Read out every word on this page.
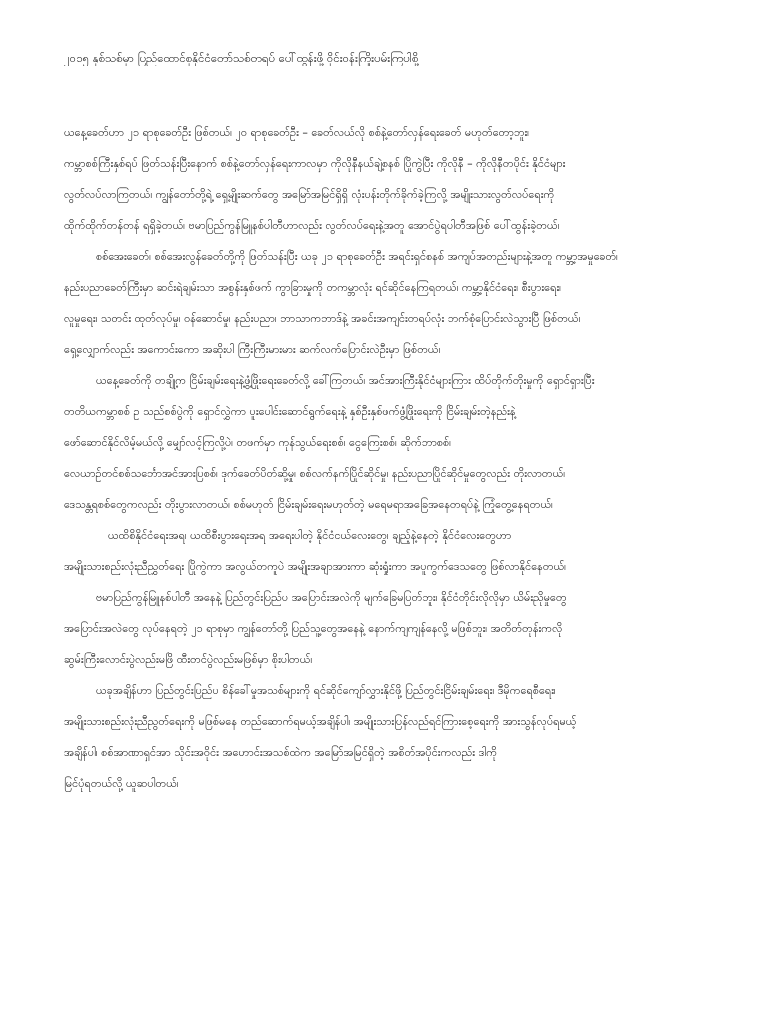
၂၀၁၅ နှစ်သစ်မှာ ပြည်ထောင်စုနိုင်ငံတော်သစ်တရပ် ပေါ်ထွန်းဖို့ ဝိုင်းဝန်းကြိုးပမ်းကြပါစို့
ယနေ့ခေတ်ဟာ ၂၁ ရာစုခေတ်ဦး ဖြစ်တယ်၊ ၂၀ ရာစုခေတ်ဦး – ခေတ်လယ်လို စစ်နဲ့တော်လှန်ရေးခေတ် မဟုတ်တော့ဘူး၊
ကမ္ဘာစစ်ကြီးနှစ်ရပ် ဖြတ်သန်းပြီးနောက် စစ်နဲ့တော်လှန်ရေးကာလမှာ ကိုလိုနီနယ်ချဲ့စနစ် ပြိုကွဲပြီး ကိုလိုနီ – ကိုလိုနီတပိုင်း နိုင်ငံများ
လွတ်လပ်လာကြတယ်၊ ကျွန်တော်တို့ရဲ့ ရှေ့မျိုးဆက်တွေ အမြော်အမြင်ရှိရှိ လုံးပန်းတိုက်ခိုက်ခဲ့ကြလို့ အမျိုးသားလွတ်လပ်ရေးကို
ထိုက်ထိုက်တန်တန် ရရှိခဲ့တယ်၊ ဗမာပြည်ကွန်မြူနစ်ပါတီဟာလည်း လွတ်လပ်ရေးနဲ့အတူ အောင်ပွဲရပါတီအဖြစ် ပေါ်ထွန်းခဲ့တယ်၊
စစ်အေးခေတ်၊ စစ်အေးလွန်ခေတ်တို့ကို ဖြတ်သန်းပြီး ယခု ၂၁ ရာစုခေတ်ဦး အရင်းရှင်စနစ် အကျပ်အတည်းများနဲ့အတူ ကမ္ဘာ့အမှုခေတ်၊
နည်းပညာခေတ်ကြီးမှာ ဆင်းရဲချမ်းသာ အစွန်းနှစ်ဖက် ကွာခြားမှုကို တကမ္ဘာလုံး ရင်ဆိုင်နေကြရတယ်၊ ကမ္ဘာ့နိုင်ငံရေး၊ စီးပွားရေး၊
လူမှုရေး၊ သတင်း ထုတ်လုပ်မှု၊ ဝန်ဆောင်မှု၊ နည်းပညာ၊ ဘာသာကဘာဒ်နဲ့ အခင်းအကျင်းတရပ်လုံး ဘက်စုံပြောင်းလဲသွားပြီ ဖြစ်တယ်၊
ရှေ့လျှောက်လည်း အကောင်းကော အဆိုးပါ ကြီးကြီးမားမား ဆက်လက်ပြောင်းလဲဦးမှာ ဖြစ်တယ်၊
ယနေ့ခေတ်ကို တချို့က ငြိမ်းချမ်းရေးနဲ့ဖွံ့ဖြိုးရေးခေတ်လို့ ခေါ်ကြတယ်၊ အင်အားကြီးနိုင်ငံများကြား ထိပ်တိုက်တိုးမှုကို ရှောင်ရှားပြီး
တတိယကမ္ဘာစစ် ဥ သည်စစ်ပွဲကို ရှောင်လွှဲကာ ပူးပေါင်းဆောင်ရွက်ရေးနဲ့ နှစ်ဦးနှစ်ဖက်ဖွံ့ဖြိုးရေးကို ငြိမ်းချမ်းတဲ့နည်းနဲ့
ဖော်ဆောင်နိုင်လိမ့်မယ်လို့ မျှော်လင့်ကြလို့ပဲ၊ တဖက်မှာ ကုန်သွယ်ရေးစစ်၊ ငွေကြေးစစ်၊ ဆိုက်ဘာစစ်၊
လေယာဉ်တင်စစ်သင်္ဘောအင်အားပြစစ်၊ ဒုက်ခေတ်ပိတ်ဆို့မှု၊ စစ်လက်နက်ပြိုင်ဆိုင်မှု၊ နည်းပညာပြိုင်ဆိုင်မှုတွေလည်း တိုးလာတယ်၊
ဒေသန္တရစစ်တွေကလည်း တိုးပွားလာတယ်၊ စစ်မဟုတ် ငြိမ်းချမ်းရေးမဟုတ်တဲ့ မရေမရာအခြေအနေတရပ်နဲ့ ကြုံတွေ့နေရတယ်၊
ယထိစိနိုင်ငံရေးအရ၊ ယထိစီးပွားရေးအရ အရေးပါတဲ့ နိုင်ငံငယ်လေးတွေ၊ ချည့်နဲ့နေတဲ့ နိုင်ငံလေးတွေဟာ
အမျိုးသားစည်းလုံးညီညွှတ်ရေး ပြိုကွဲကာ အလွယ်တကူပဲ အမျိုးအချာအားကာ ဆုံးရှုံးကာ အပူကွက်ဒေသတွေ ဖြစ်လာနိုင်နေတယ်၊
ဗမာပြည်ကွန်မြူနစ်ပါတီ အနေနဲ့ ပြည်တွင်းပြည်ပ အပြောင်းအလဲကို မျက်ခြေမပြတ်ဘူး၊ နိုင်ငံတိုင်းလိုလိုမှာ ယိမ်းညိုမှုတွေ
အပြောင်းအလဲတွေ လုပ်နေရတဲ့ ၂၁ ရာစုမှာ ကျွန်တော်တို့ ပြည်သူ့တွေအနေနဲ့ နောက်ကျကျန်နေလို့ မဖြစ်ဘူး၊ အတိတ်တုန်းကလို
ဆွမ်းကြီးလောင်းပွဲလည်းမဖြိ ထီးတင်ပွဲလည်းမဖြစ်မှာ စိုးပါတယ်၊
ယခုအချိန်ဟာ ပြည်တွင်းပြည်ပ စိန်ခေါ်မှုအသစ်များကို ရင်ဆိုင်ကျော်လွှားနိုင်ဖို့ ပြည်တွင်းငြိမ်းချမ်းရေး၊ ဒီမိုကရေစီရေး၊
အမျိုးသားစည်းလုံးညီညွတ်ရေးကို မဖြစ်မနေ တည်ဆောက်ရမယ့်အချိန်ပါ၊ အမျိုးသားပြန်လည်ရင်ကြားစေ့ရေးကို အားသွန်လုပ်ရမယ့်
အချိန်ပါ၊ စစ်အာဏာရှင်အာ သိုင်းအဝိုင်း အဟောင်းအသစ်ထဲက အမြော်အမြင်ရှိတဲ့ အစိတ်အပိုင်းကလည်း ဒါကို
မြင်ပုံရတယ်လို့ ယူဆပါတယ်၊
